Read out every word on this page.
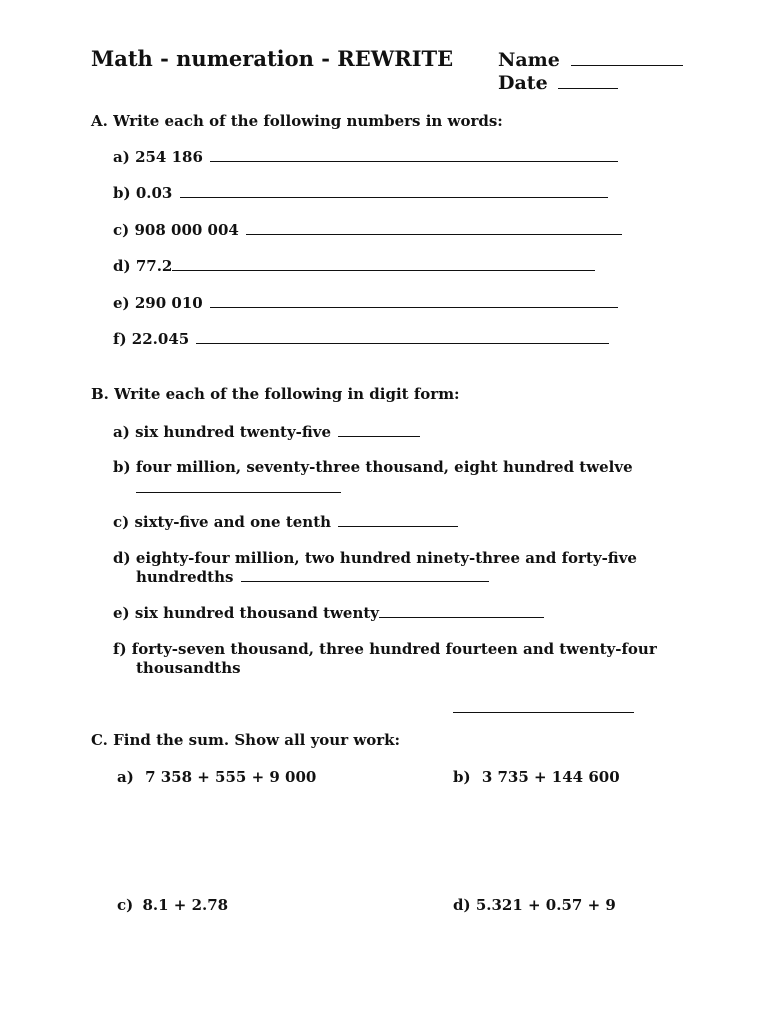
Math - numeration - REWRITE Name
Date
A. Write each of the following numbers in words:
a) 254 186
b) 0.03
c) 908 000 004
d) 77.2
e) 290 010
f) 22.045
B. Write each of the following in digit form:
a) six hundred twenty-five
b) four million, seventy-three thousand, eight hundred twelve
c) sixty-five and one tenth
d) eighty-four million, two hundred ninety-three and forty-five
hundredths
e) six hundred thousand twenty
f) forty-seven thousand, three hundred fourteen and twenty-four
thousandths
C. Find the sum. Show all your work:
a) 7 358 + 555 + 9 000	b) 3 735 + 144 600
c) 8.1 + 2.78	d) 5.321 + 0.57 + 9
